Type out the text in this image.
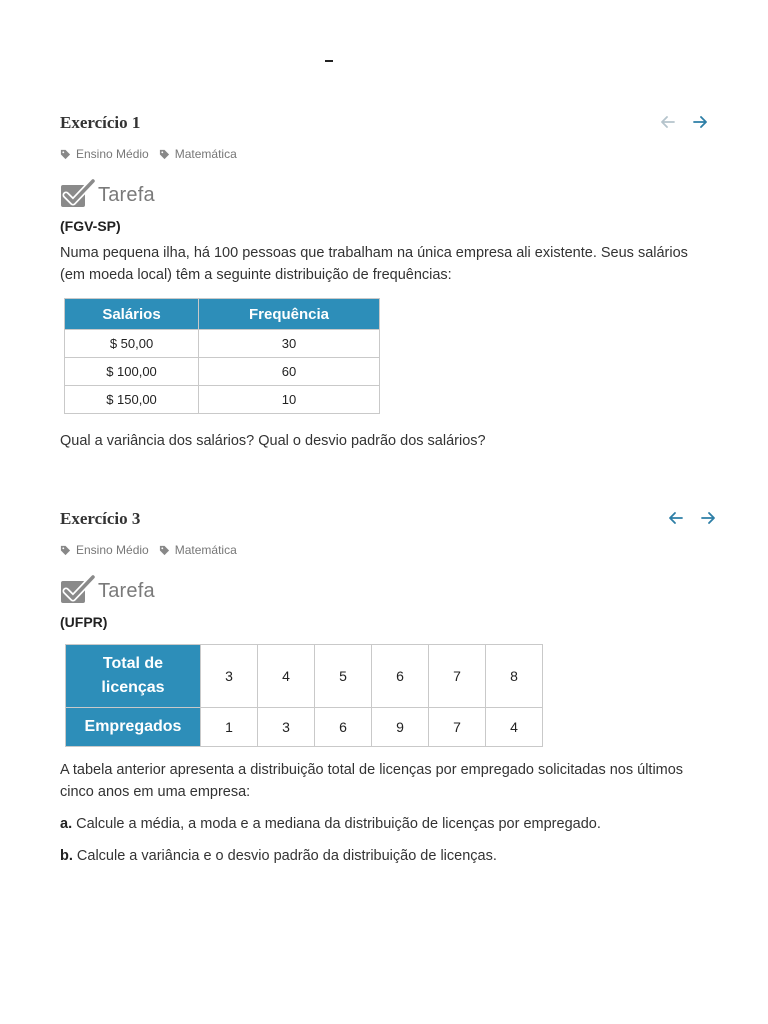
Exercício 1
Ensino Médio Matemática
Tarefa
(FGV-SP)

Numa pequena ilha, há 100 pessoas que trabalham na única empresa ali existente. Seus salários (em moeda local) têm a seguinte distribuição de frequências:

Salários	Frequência
$ 50,00	30
$ 100,00	60
$ 150,00	10

Qual a variância dos salários? Qual o desvio padrão dos salários?

Exercício 3
Ensino Médio Matemática
Tarefa
(UFPR)
Total de licenças	3	4	5	6	7	8
Empregados	1	3	6	9	7	4

A tabela anterior apresenta a distribuição total de licenças por empregado solicitadas nos últimos cinco anos em uma empresa:

a. Calcule a média, a moda e a mediana da distribuição de licenças por empregado.
b. Calcule a variância e o desvio padrão da distribuição de licenças.
